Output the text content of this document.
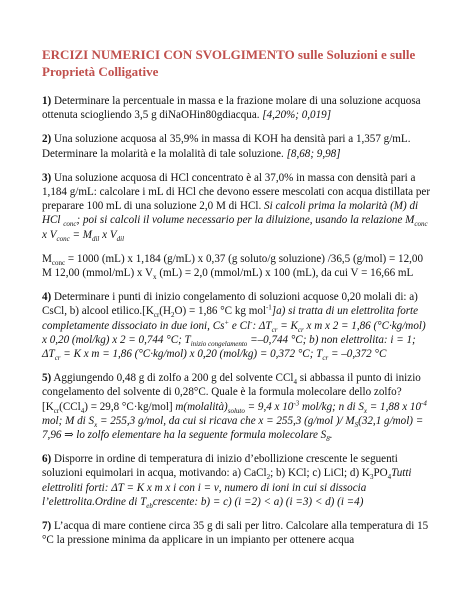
ERCIZI NUMERICI CON SVOLGIMENTO sulle Soluzioni e sulle Proprietà Colligative

1) Determinare la percentuale in massa e la frazione molare di una soluzione acquosa ottenuta sciogliendo 3,5 g diNaOHin80gdiacqua. [4,20%; 0,019]

2) Una soluzione acquosa al 35,9% in massa di KOH ha densità pari a 1,357 g/mL. Determinare la molarità e la molalità di tale soluzione. [8,68; 9,98]

3) Una soluzione acquosa di HCl concentrato è al 37,0% in massa con densità pari a 1,184 g/mL: calcolare i mL di HCl che devono essere mescolati con acqua distillata per preparare 100 mL di una soluzione 2,0 M di HCl. Si calcoli prima la molarità (M) di HCl $_{conc}$; poi si calcoli il volume necessario per la diluizione, usando la relazione $M_{conc}$ x $V_{conc} = M_{dil}$ x $V_{dil}$

$M_{conc} = 1000$ (mL) x 1,184 (g/mL) x 0,37 (g soluto/g soluzione) /36,5 (g/mol) = 12,00 M 12,00 (mmol/mL) x $V_x$ (mL) = 2,0 (mmol/mL) x 100 (mL), da cui V = 16,66 mL

4) Determinare i punti di inizio congelamento di soluzioni acquose 0,20 molali di: a) CsCl, b) alcool $etilico.[K_{cr}(H_2O) = 1,86$ °C kg mol$^{-1}$]a) si tratta di un elettrolita forte completamente dissociato in due ioni, Cs+ e Cl-: $\Delta T_{cr} = K_{cr}$ x m x 2 = 1,86 (°C·kg/mol) x 0,20 (mol/kg) x 2 = 0,744 °C; $T_{inizio congelamento} =-0,744$ °C; b) non elettrolita: i = 1; $\Delta T_{cr} = K$ x m = 1,86 (°C·kg/mol) x 0,20 (mol/kg) = 0,372 °C; $T_{cr} = -0,372$ °C

5) Aggiungendo 0,48 g di zolfo a 200 g del solvente CCl$_4$ si abbassa il punto di inizio congelamento del solvente di 0,28°C. Quale è la formula molecolare dello zolfo? [$K_{cr}(CCl_4) = 29,8$ °C·kg/mol] $m(molalità)_{soluto} = 9,4$ x $10^{-3}$ mol/kg; n di $S_x = 1,88$ x $10^{-4}$ mol; M di $S_x = 255,3$ g/mol, da cui si ricava che x = 255,3 (g/mol )/ $M_S(32,1$ g/mol) = 7,96 ⇒ lo zolfo elementare ha la seguente formula molecolare $S_8$.

6) Disporre in ordine di temperatura di inizio d’ebollizione crescente le seguenti soluzioni equimolari in acqua, motivando: a) CaCl$_2$; b) KCl; c) LiCl; d) $K_3PO_4Tutti$ elettroliti forti: ΔT = K x m x i con i = ν, numero di ioni in cui si dissocia l’elettrolita.Ordine di $T_{eb}crescente$: b) = c) (i =2) < a) (i =3) < d) (i =4)

7) L’acqua di mare contiene circa 35 g di sali per litro. Calcolare alla temperatura di 15 °C la pressione minima da applicare in un impianto per ottenere acqua
